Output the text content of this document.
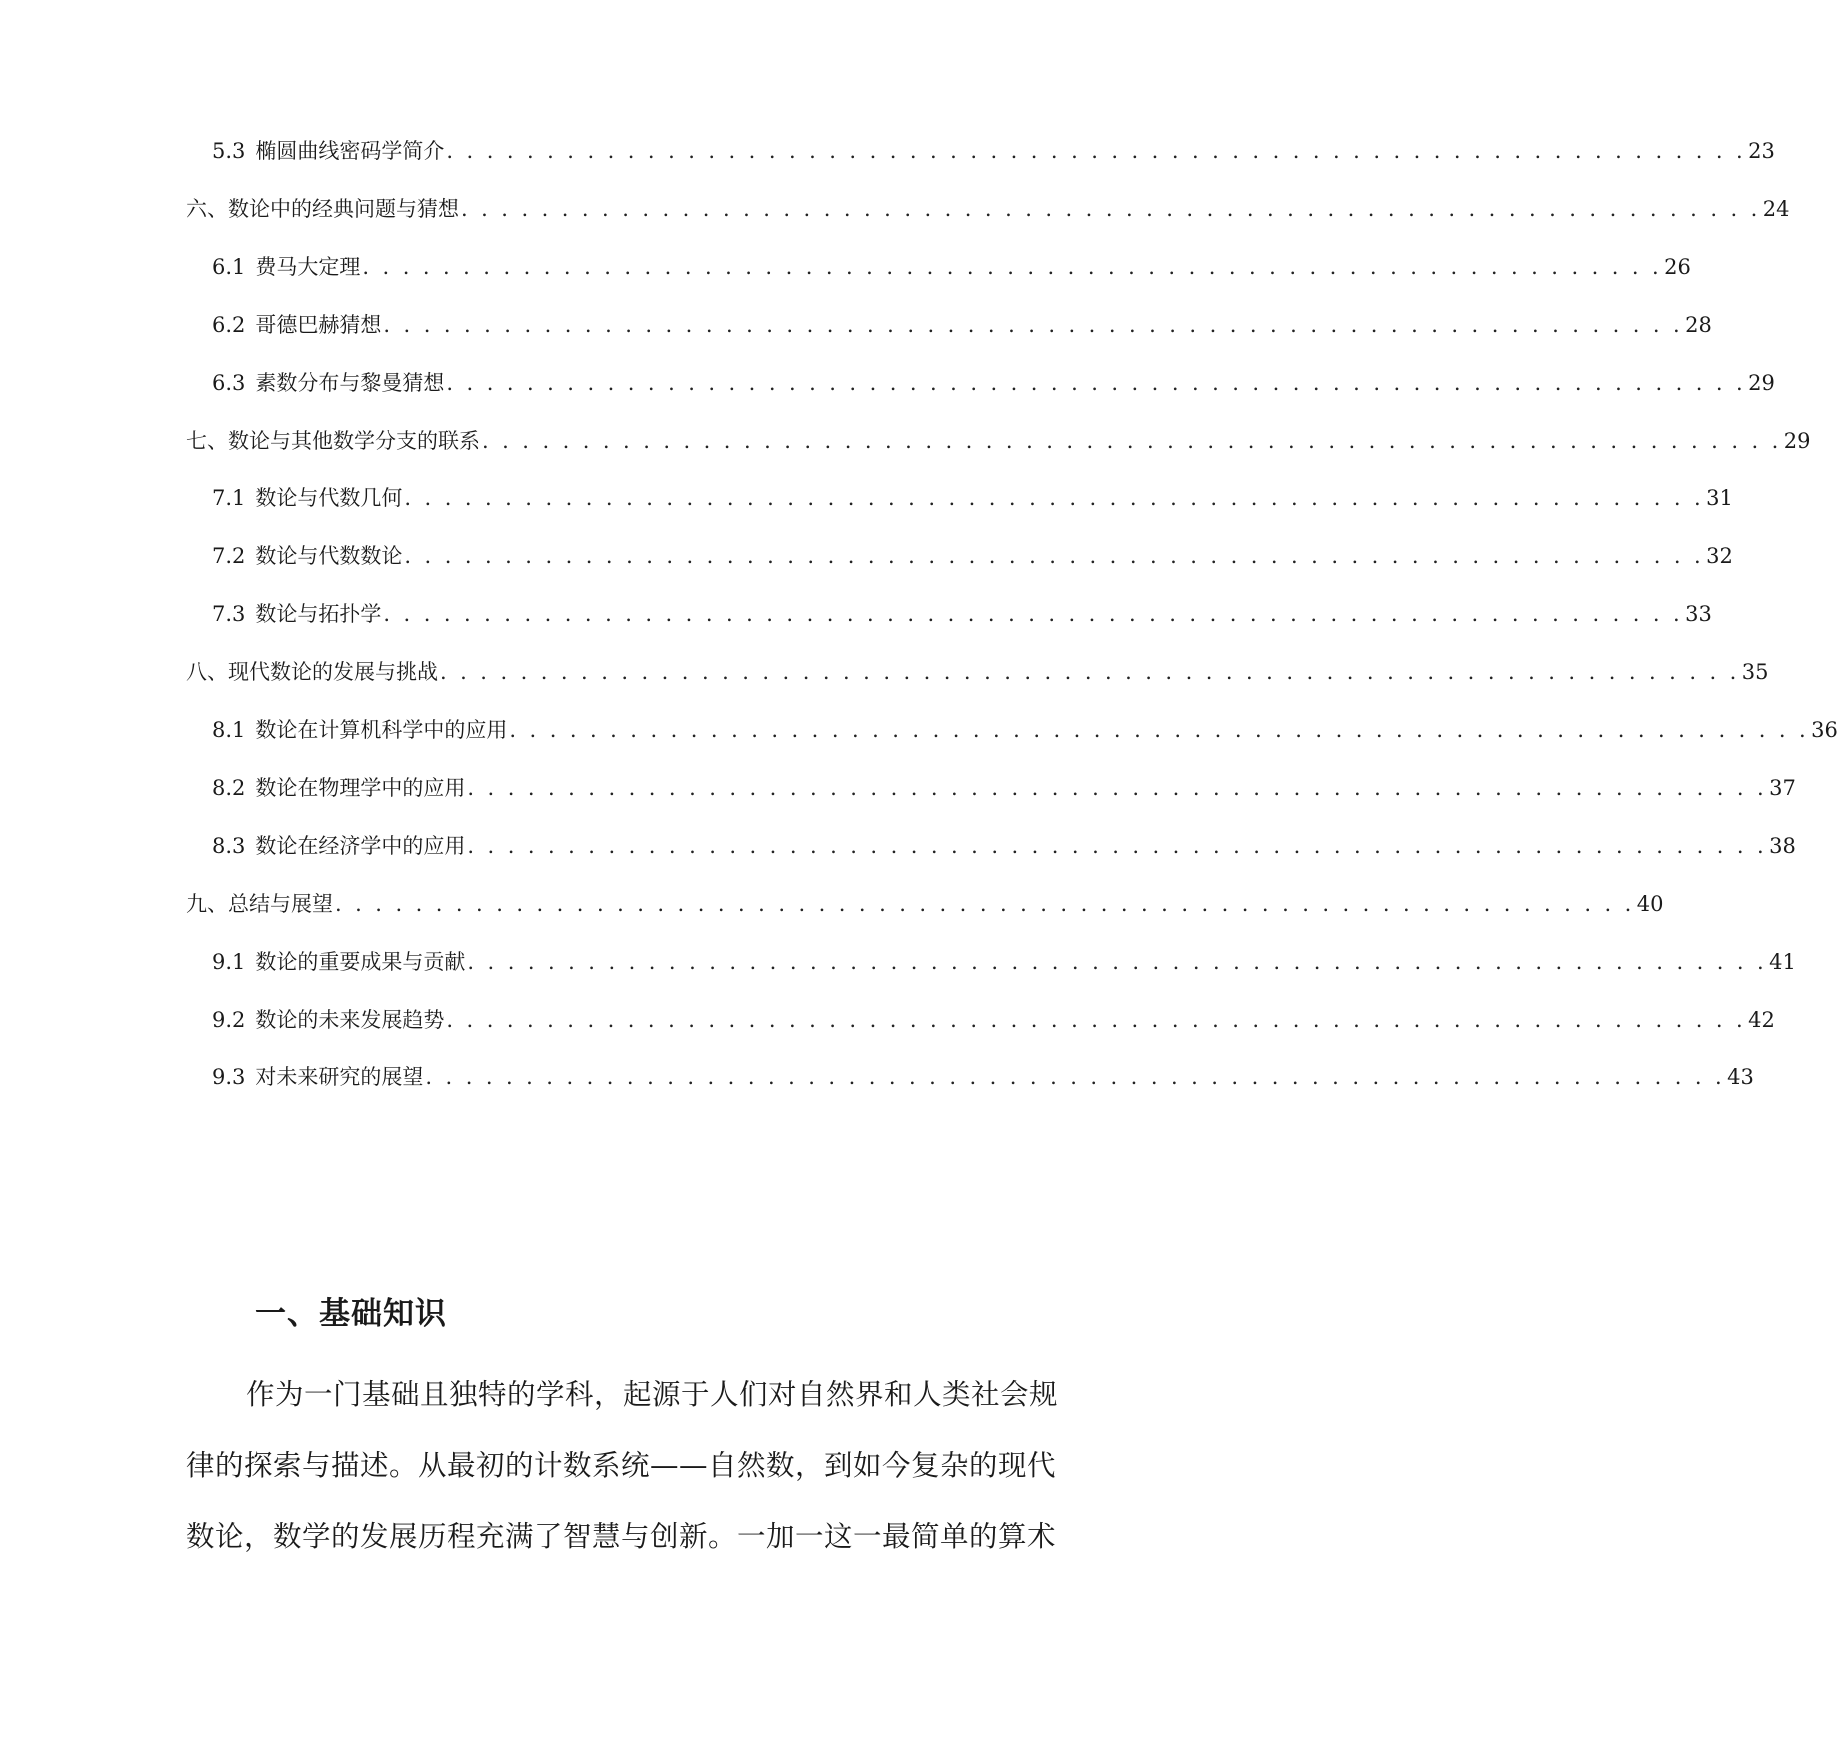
5.3 椭圆曲线密码学简介 . . . . . . . . . . . . . . . . . . . . . . . . . . . . . . . . . . . . . . . . . . . . . . . . . . . . . . . . . . . . . . . . . 23
六、数论中的经典问题与猜想 . . . . . . . . . . . . . . . . . . . . . . . . . . . . . . . . . . . . . . . . . . . . . . . . . . . . . . . . . . . . . . . . . 24
6.1 费马大定理 . . . . . . . . . . . . . . . . . . . . . . . . . . . . . . . . . . . . . . . . . . . . . . . . . . . . . . . . . . . . . . . . . 26
6.2 哥德巴赫猜想 . . . . . . . . . . . . . . . . . . . . . . . . . . . . . . . . . . . . . . . . . . . . . . . . . . . . . . . . . . . . . . . . . 28
6.3 素数分布与黎曼猜想 . . . . . . . . . . . . . . . . . . . . . . . . . . . . . . . . . . . . . . . . . . . . . . . . . . . . . . . . . . . . . . . . . 29
七、数论与其他数学分支的联系 . . . . . . . . . . . . . . . . . . . . . . . . . . . . . . . . . . . . . . . . . . . . . . . . . . . . . . . . . . . . . . . . . 29
7.1 数论与代数几何 . . . . . . . . . . . . . . . . . . . . . . . . . . . . . . . . . . . . . . . . . . . . . . . . . . . . . . . . . . . . . . . . . 31
7.2 数论与代数数论 . . . . . . . . . . . . . . . . . . . . . . . . . . . . . . . . . . . . . . . . . . . . . . . . . . . . . . . . . . . . . . . . . 32
7.3 数论与拓扑学 . . . . . . . . . . . . . . . . . . . . . . . . . . . . . . . . . . . . . . . . . . . . . . . . . . . . . . . . . . . . . . . . . 33
八、现代数论的发展与挑战 . . . . . . . . . . . . . . . . . . . . . . . . . . . . . . . . . . . . . . . . . . . . . . . . . . . . . . . . . . . . . . . . . 35
8.1 数论在计算机科学中的应用 . . . . . . . . . . . . . . . . . . . . . . . . . . . . . . . . . . . . . . . . . . . . . . . . . . . . . . . . . . . . . . . . . 36
8.2 数论在物理学中的应用 . . . . . . . . . . . . . . . . . . . . . . . . . . . . . . . . . . . . . . . . . . . . . . . . . . . . . . . . . . . . . . . . . 37
8.3 数论在经济学中的应用 . . . . . . . . . . . . . . . . . . . . . . . . . . . . . . . . . . . . . . . . . . . . . . . . . . . . . . . . . . . . . . . . . 38
九、总结与展望 . . . . . . . . . . . . . . . . . . . . . . . . . . . . . . . . . . . . . . . . . . . . . . . . . . . . . . . . . . . . . . . . . 40
9.1 数论的重要成果与贡献 . . . . . . . . . . . . . . . . . . . . . . . . . . . . . . . . . . . . . . . . . . . . . . . . . . . . . . . . . . . . . . . . . 41
9.2 数论的未来发展趋势 . . . . . . . . . . . . . . . . . . . . . . . . . . . . . . . . . . . . . . . . . . . . . . . . . . . . . . . . . . . . . . . . . 42
9.3 对未来研究的展望 . . . . . . . . . . . . . . . . . . . . . . . . . . . . . . . . . . . . . . . . . . . . . . . . . . . . . . . . . . . . . . . . . 43
一、基础知识
作为一门基础且独特的学科，起源于人们对自然界和人类社会规
律的探索与描述。从最初的计数系统——自然数，到如今复杂的现代
数论，数学的发展历程充满了智慧与创新。一加一这一最简单的算术
